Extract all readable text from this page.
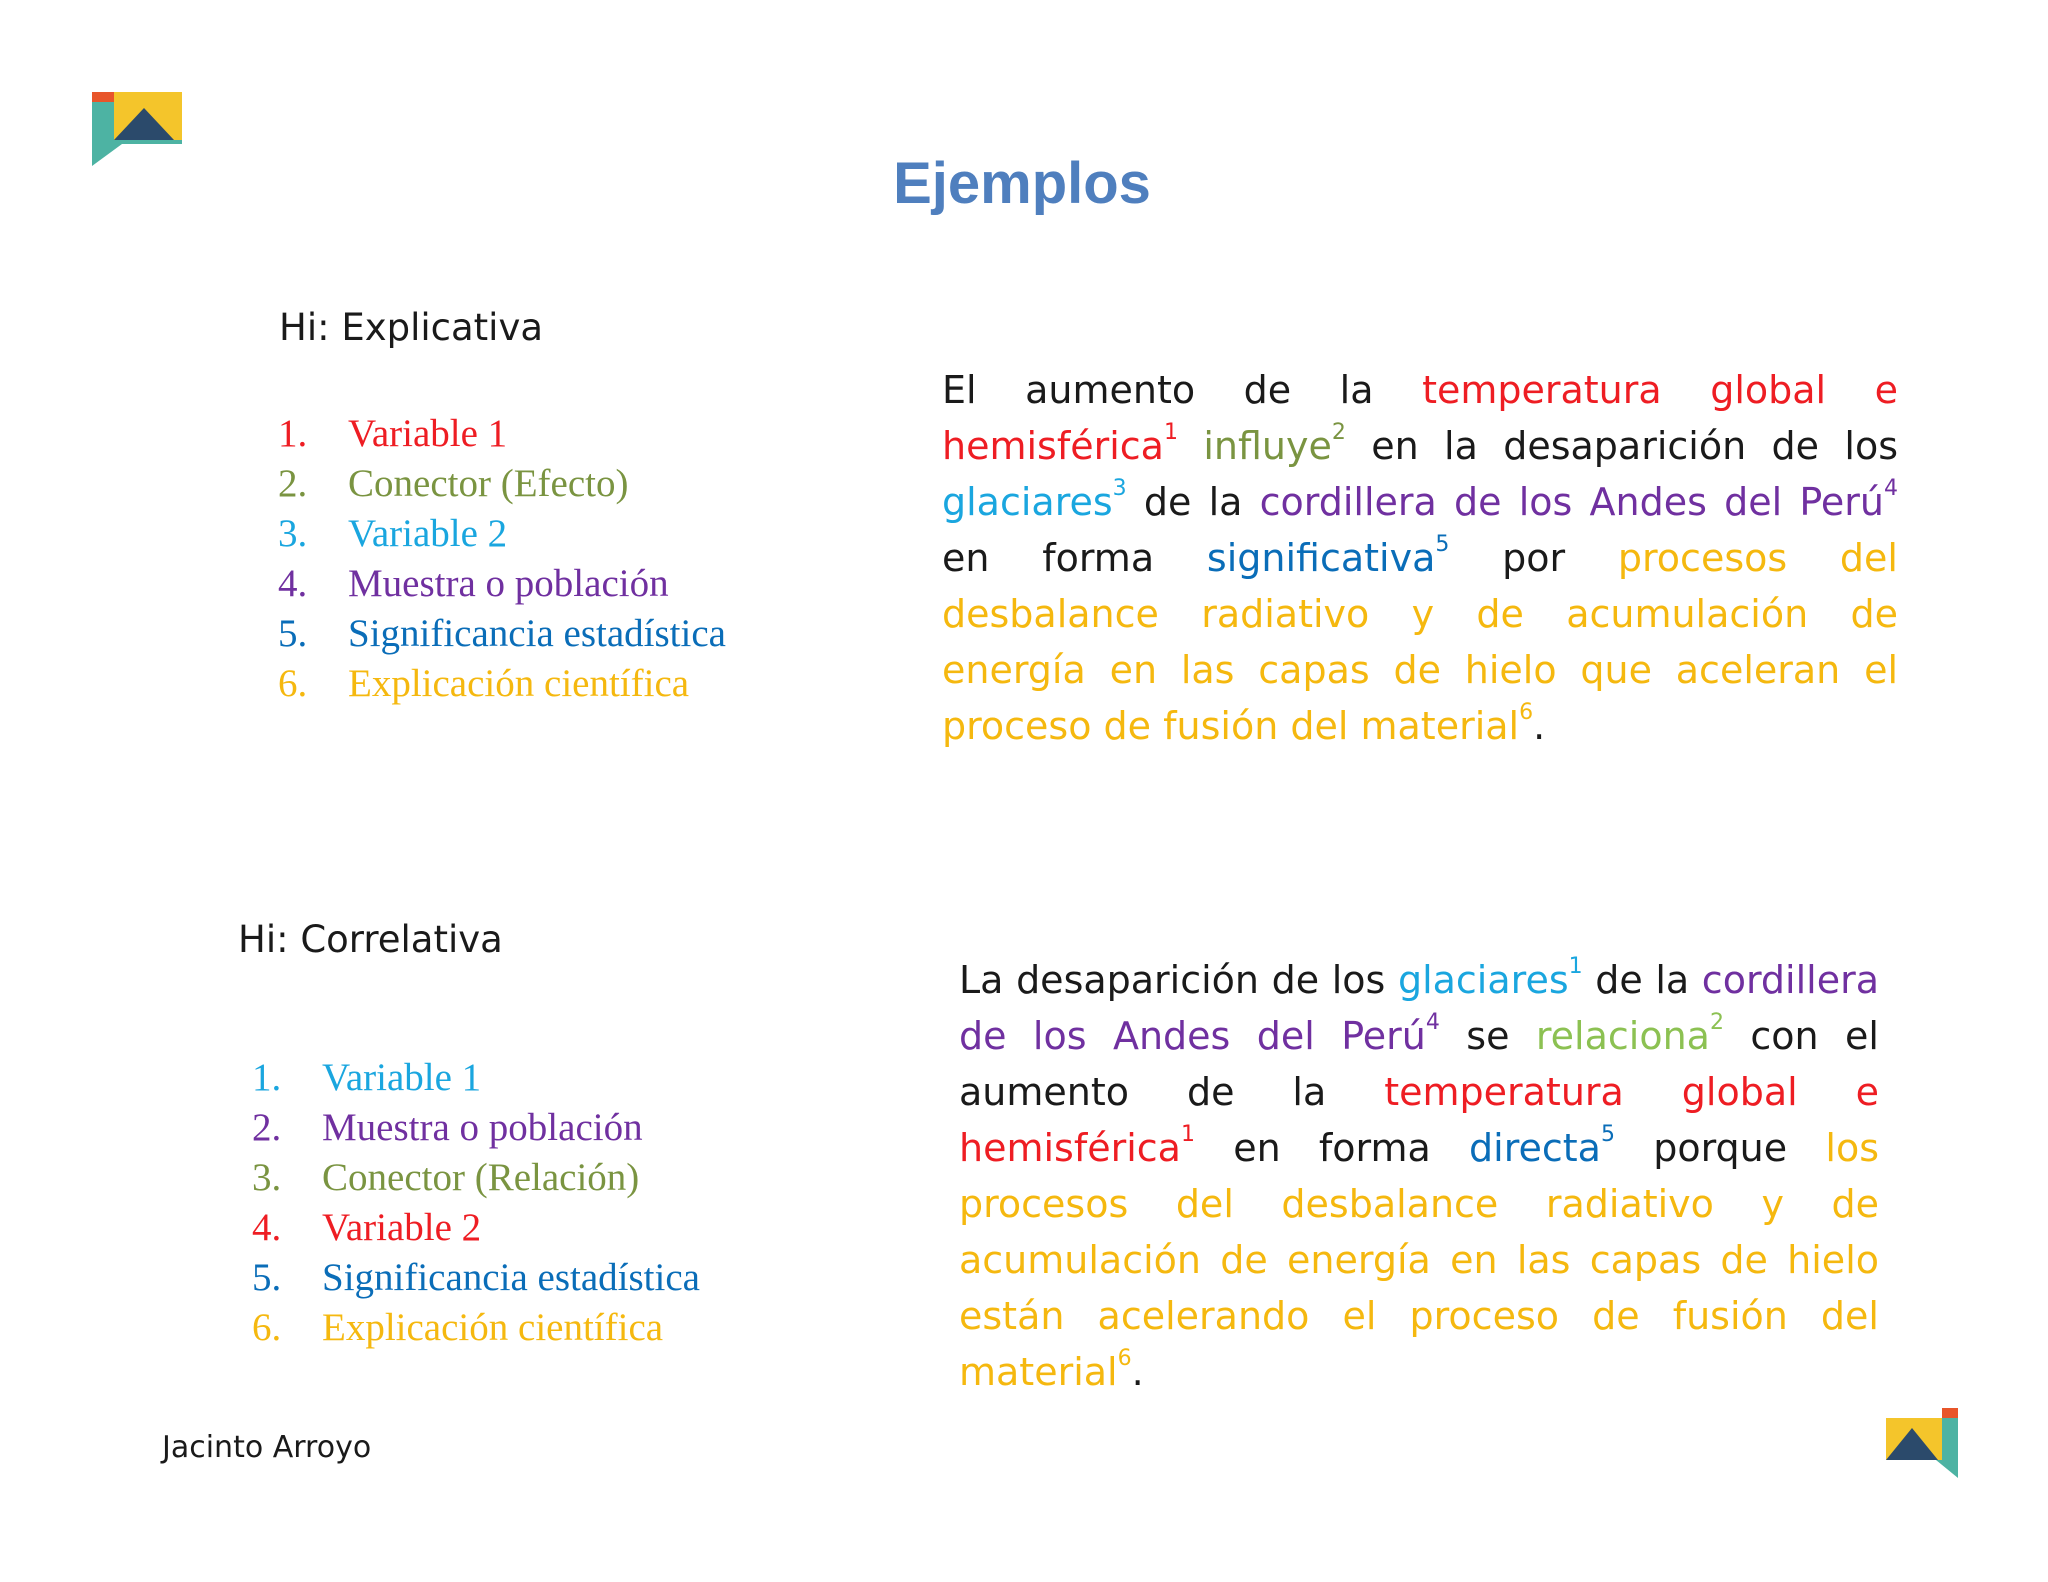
Ejemplos
Hi: Explicativa
1. Variable 1
2. Conector (Efecto)
3. Variable 2
4. Muestra o población
5. Significancia estadística
6. Explicación científica

El aumento de la temperatura global e hemisférica$^1$ influye$^2$ en la desaparición de los glaciares$^3$ de la cordillera de los Andes del Perú$^4$ en forma significativa$^5$ por procesos del desbalance radiativo y de acumulación de energía en las capas de hielo que aceleran el proceso de fusión del material$^6$.

Hi: Correlativa
1. Variable 1
2. Muestra o población
3. Conector (Relación)
4. Variable 2
5. Significancia estadística
6. Explicación científica

La desaparición de los glaciares$^1$ de la cordillera de los Andes del Perú$^4$ se relaciona$^2$ con el aumento de la temperatura global e hemisférica$^1$ en forma directa$^5$ porque los procesos del desbalance radiativo y de acumulación de energía en las capas de hielo están acelerando el proceso de fusión del material$^6$.

Jacinto Arroyo
